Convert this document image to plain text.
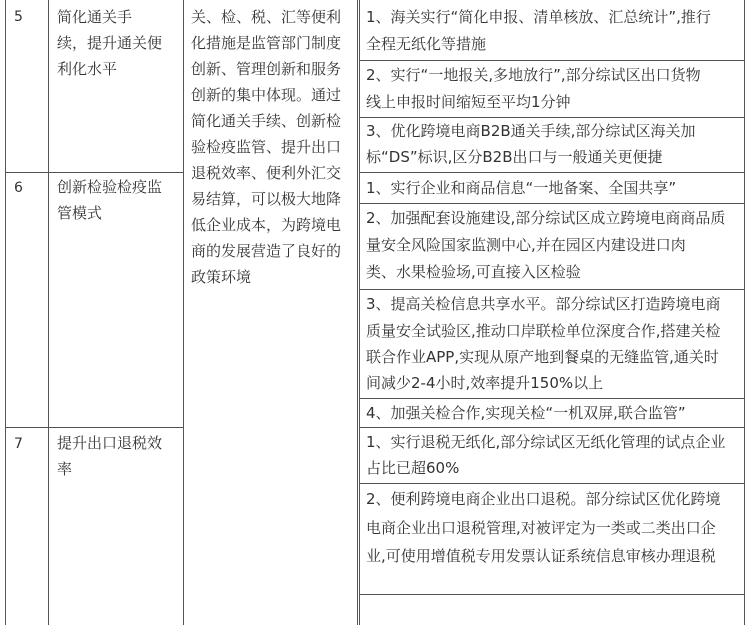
5 简化通关手
续，提升通关便
利化水平
关、检、税、汇等便利
化措施是监管部门制度
创新、管理创新和服务
创新的集中体现。通过
简化通关手续、创新检
验检疫监管、提升出口
退税效率、便利外汇交
易结算，可以极大地降
低企业成本，为跨境电
商的发展营造了良好的
政策环境
1、海关实行“简化申报、清单核放、汇总统计”,推行
全程无纸化等措施
2、实行“一地报关,多地放行”,部分综试区出口货物
线上申报时间缩短至平均1分钟
3、优化跨境电商B2B通关手续,部分综试区海关加
标“DS”标识,区分B2B出口与一般通关更便捷
6 创新检验检疫监
管模式
1、实行企业和商品信息“一地备案、全国共享”
2、加强配套设施建设,部分综试区成立跨境电商商品质
量安全风险国家监测中心,并在园区内建设进口肉
类、水果检验场,可直接入区检验
3、提高关检信息共享水平。部分综试区打造跨境电商
质量安全试验区,推动口岸联检单位深度合作,搭建关检
联合作业APP,实现从原产地到餐桌的无缝监管,通关时
间减少2-4小时,效率提升150%以上
4、加强关检合作,实现关检“一机双屏,联合监管”
7 提升出口退税效
率
1、实行退税无纸化,部分综试区无纸化管理的试点企业
占比已超60%
2、便利跨境电商企业出口退税。部分综试区优化跨境
电商企业出口退税管理,对被评定为一类或二类出口企
业,可使用增值税专用发票认证系统信息审核办理退税
